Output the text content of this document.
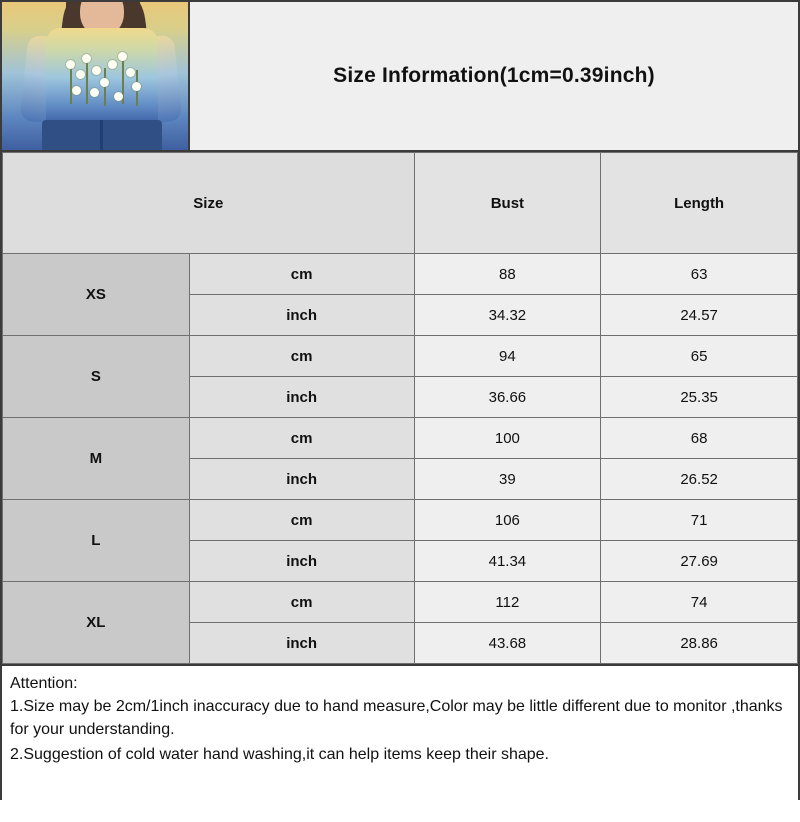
Size Information(1cm=0.39inch)
Size		Bust	Length
XS	cm	88	63
	inch	34.32	24.57
S	cm	94	65
	inch	36.66	25.35
M	cm	100	68
	inch	39	26.52
L	cm	106	71
	inch	41.34	27.69
XL	cm	112	74
	inch	43.68	28.86
Attention:
1.Size may be 2cm/1inch inaccuracy due to hand measure,Color may be little different due to monitor ,thanks for your understanding.
2.Suggestion of cold water hand washing,it can help items keep their shape.
